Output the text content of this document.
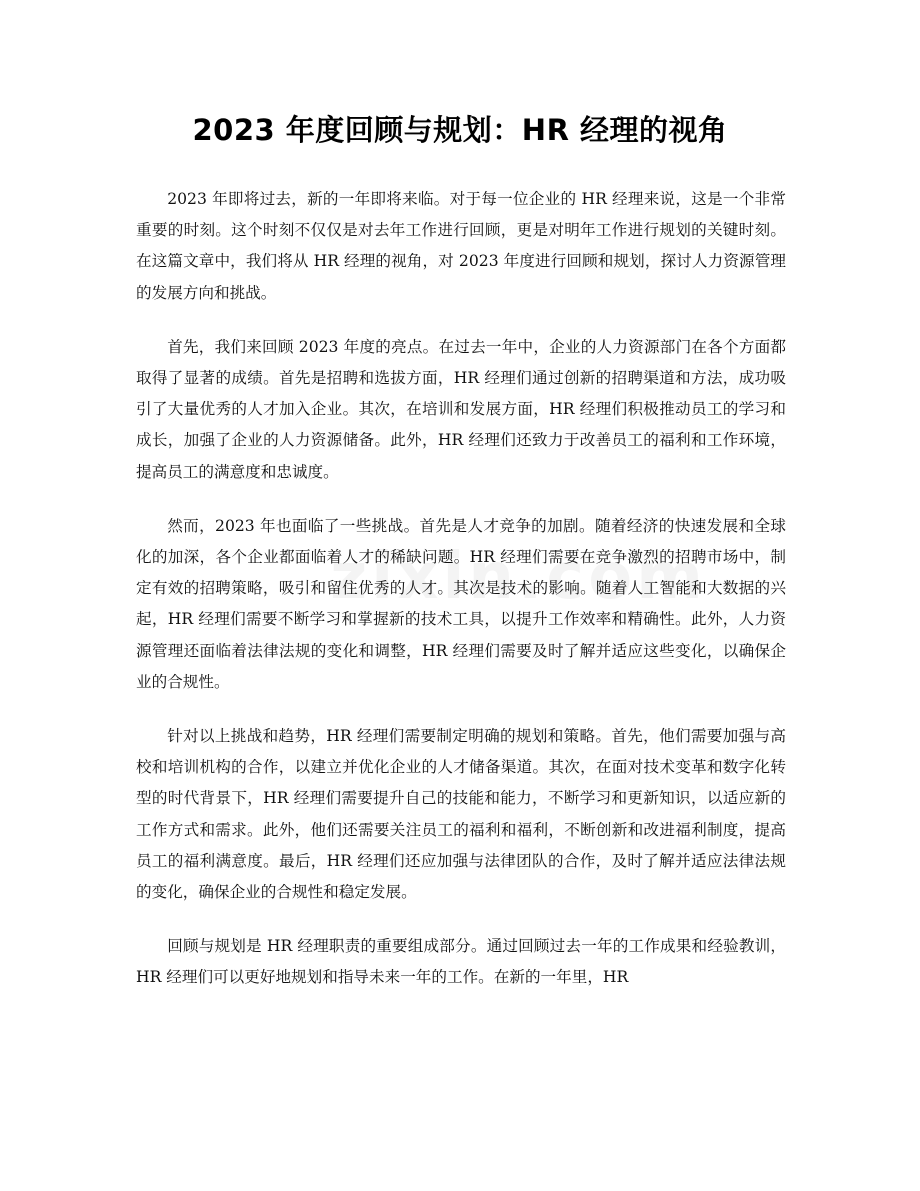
2023 年度回顾与规划：HR 经理的视角

2023 年即将过去，新的一年即将来临。对于每一位企业的 HR 经理来说，这是一个非常重要的时刻。这个时刻不仅仅是对去年工作进行回顾，更是对明年工作进行规划的关键时刻。在这篇文章中，我们将从 HR 经理的视角，对 2023 年度进行回顾和规划，探讨人力资源管理的发展方向和挑战。

首先，我们来回顾 2023 年度的亮点。在过去一年中，企业的人力资源部门在各个方面都取得了显著的成绩。首先是招聘和选拔方面，HR 经理们通过创新的招聘渠道和方法，成功吸引了大量优秀的人才加入企业。其次，在培训和发展方面，HR 经理们积极推动员工的学习和成长，加强了企业的人力资源储备。此外，HR 经理们还致力于改善员工的福利和工作环境，提高员工的满意度和忠诚度。

然而，2023 年也面临了一些挑战。首先是人才竞争的加剧。随着经济的快速发展和全球化的加深，各个企业都面临着人才的稀缺问题。HR 经理们需要在竞争激烈的招聘市场中，制定有效的招聘策略，吸引和留住优秀的人才。其次是技术的影响。随着人工智能和大数据的兴起，HR 经理们需要不断学习和掌握新的技术工具，以提升工作效率和精确性。此外，人力资源管理还面临着法律法规的变化和调整，HR 经理们需要及时了解并适应这些变化，以确保企业的合规性。

针对以上挑战和趋势，HR 经理们需要制定明确的规划和策略。首先，他们需要加强与高校和培训机构的合作，以建立并优化企业的人才储备渠道。其次，在面对技术变革和数字化转型的时代背景下，HR 经理们需要提升自己的技能和能力，不断学习和更新知识，以适应新的工作方式和需求。此外，他们还需要关注员工的福利和福利，不断创新和改进福利制度，提高员工的福利满意度。最后，HR 经理们还应加强与法律团队的合作，及时了解并适应法律法规的变化，确保企业的合规性和稳定发展。

回顾与规划是 HR 经理职责的重要组成部分。通过回顾过去一年的工作成果和经验教训，HR 经理们可以更好地规划和指导未来一年的工作。在新的一年里，HR
